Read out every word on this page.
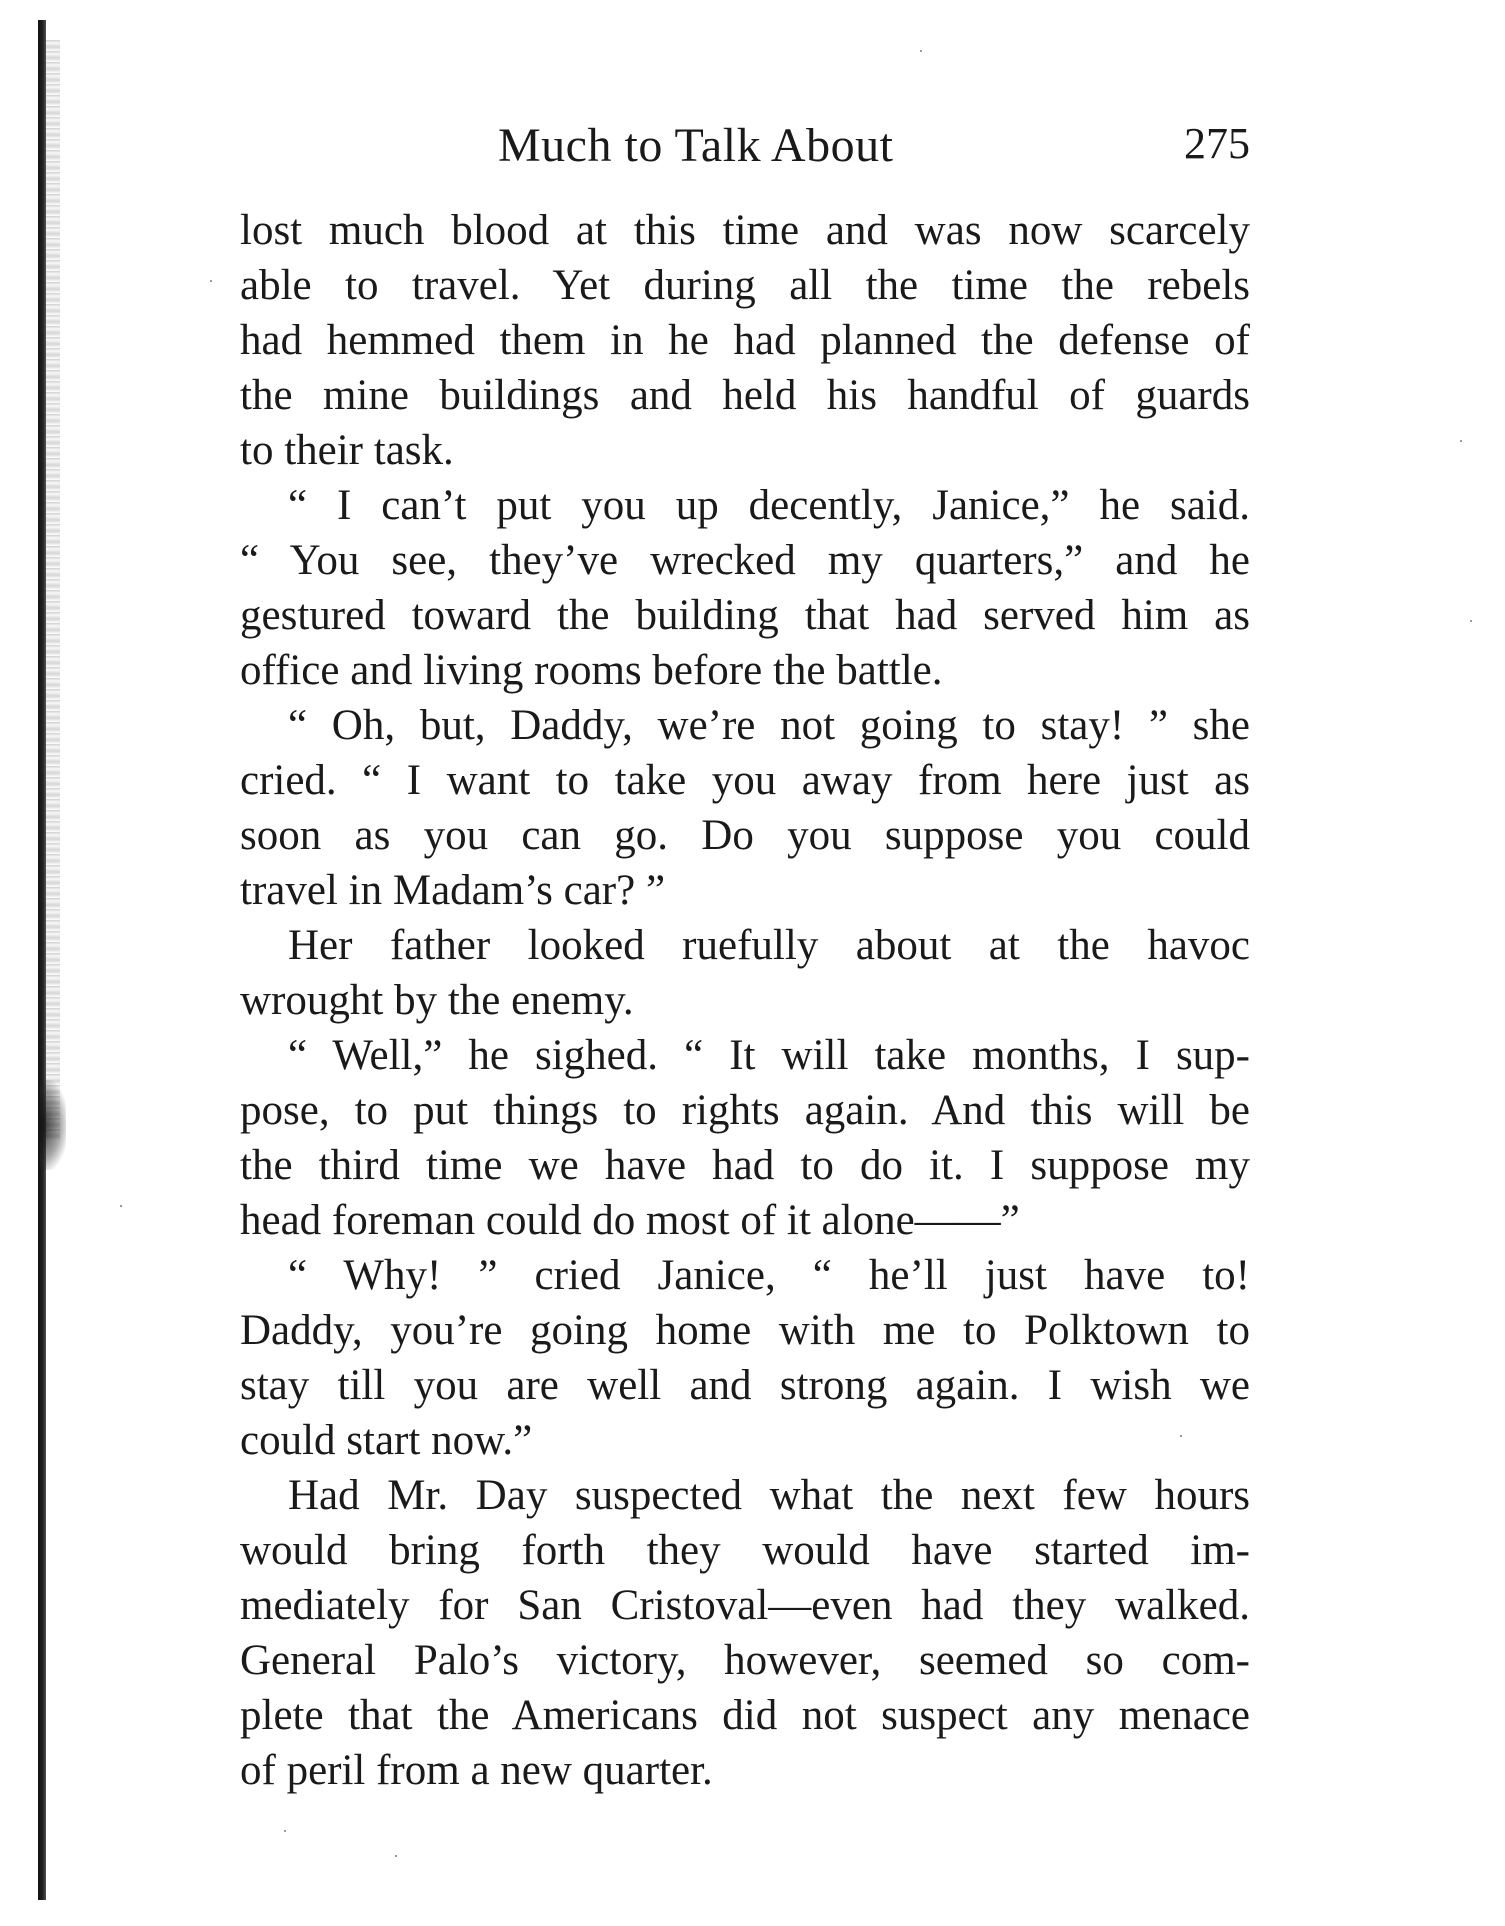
Much to Talk About	275
lost much blood at this time and was now scarcely
able to travel. Yet during all the time the rebels
had hemmed them in he had planned the defense of
the mine buildings and held his handful of guards
to their task.
“ I can’t put you up decently, Janice,” he said.
“ You see, they’ve wrecked my quarters,” and he
gestured toward the building that had served him as
office and living rooms before the battle.
“ Oh, but, Daddy, we’re not going to stay! ” she
cried. “ I want to take you away from here just as
soon as you can go. Do you suppose you could
travel in Madam’s car? ”
Her father looked ruefully about at the havoc
wrought by the enemy.
“ Well,” he sighed. “ It will take months, I sup-
pose, to put things to rights again. And this will be
the third time we have had to do it. I suppose my
head foreman could do most of it alone——”
“ Why! ” cried Janice, “ he’ll just have to!
Daddy, you’re going home with me to Polktown to
stay till you are well and strong again. I wish we
could start now.”
Had Mr. Day suspected what the next few hours
would bring forth they would have started im-
mediately for San Cristoval—even had they walked.
General Palo’s victory, however, seemed so com-
plete that the Americans did not suspect any menace
of peril from a new quarter.
